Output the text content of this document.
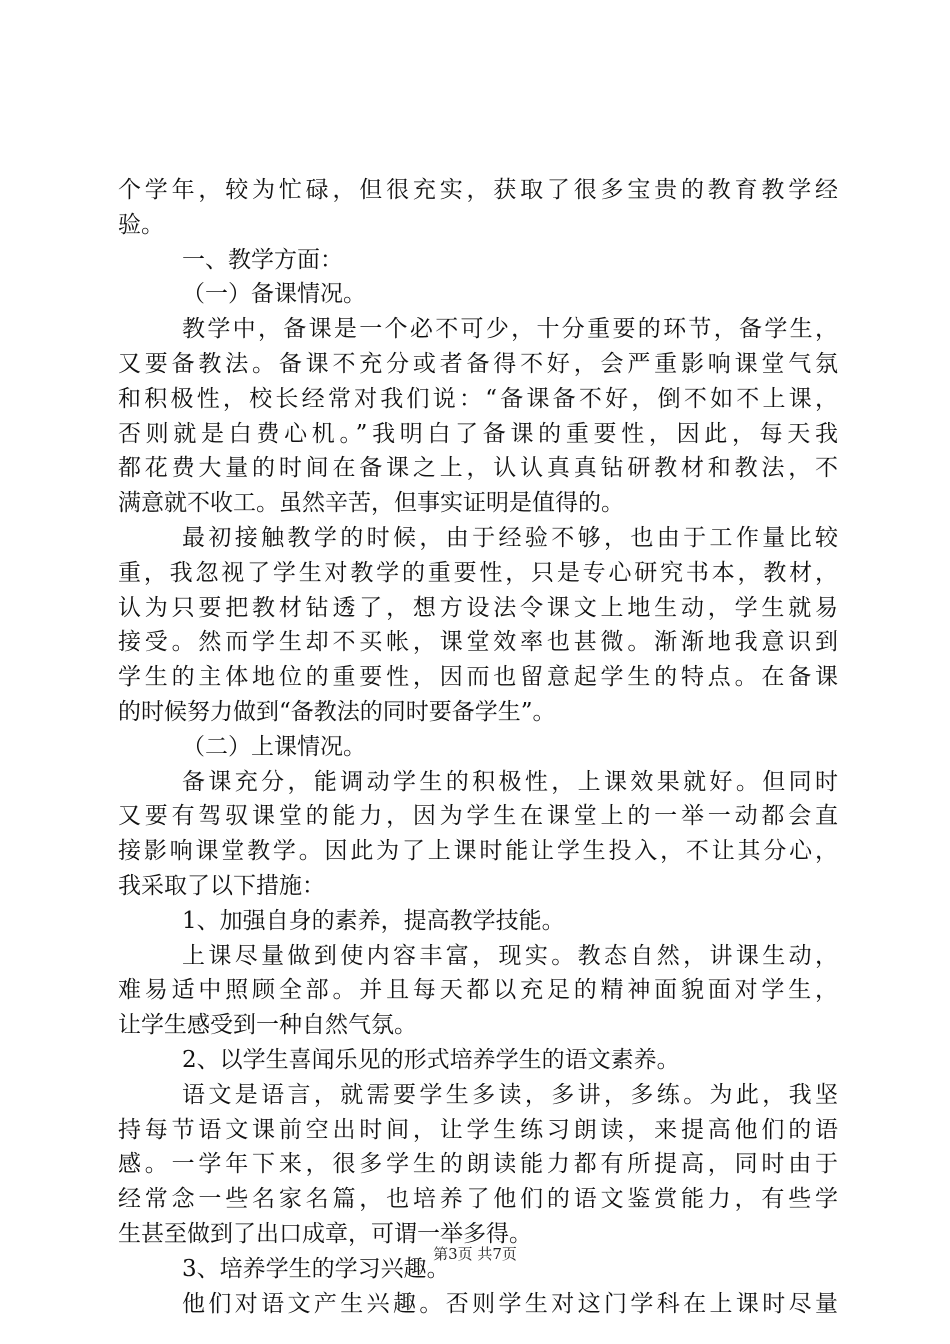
个学年，较为忙碌，但很充实，获取了很多宝贵的教育教学经
验。
一、教学方面：
（一）备课情况。
教学中，备课是一个必不可少，十分重要的环节，备学生，
又要备教法。备课不充分或者备得不好，会严重影响课堂气氛
和积极性，校长经常对我们说：“备课备不好，倒不如不上课，
否则就是白费心机。”我明白了备课的重要性，因此，每天我
都花费大量的时间在备课之上，认认真真钻研教材和教法，不
满意就不收工。虽然辛苦，但事实证明是值得的。
最初接触教学的时候，由于经验不够，也由于工作量比较
重，我忽视了学生对教学的重要性，只是专心研究书本，教材，
认为只要把教材钻透了，想方设法令课文上地生动，学生就易
接受。然而学生却不买帐，课堂效率也甚微。渐渐地我意识到
学生的主体地位的重要性，因而也留意起学生的特点。在备课
的时候努力做到“备教法的同时要备学生”。
（二）上课情况。
备课充分，能调动学生的积极性，上课效果就好。但同时
又要有驾驭课堂的能力，因为学生在课堂上的一举一动都会直
接影响课堂教学。因此为了上课时能让学生投入，不让其分心，
我采取了以下措施：
1、加强自身的素养，提高教学技能。
上课尽量做到使内容丰富，现实。教态自然，讲课生动，
难易适中照顾全部。并且每天都以充足的精神面貌面对学生，
让学生感受到一种自然气氛。
2、以学生喜闻乐见的形式培养学生的语文素养。
语文是语言，就需要学生多读，多讲，多练。为此，我坚
持每节语文课前空出时间，让学生练习朗读，来提高他们的语
感。一学年下来，很多学生的朗读能力都有所提高，同时由于
经常念一些名家名篇，也培养了他们的语文鉴赏能力，有些学
生甚至做到了出口成章，可谓一举多得。
3、培养学生的学习兴趣。
他们对语文产生兴趣。否则学生对这门学科在上课时尽量
第3页 共7页
